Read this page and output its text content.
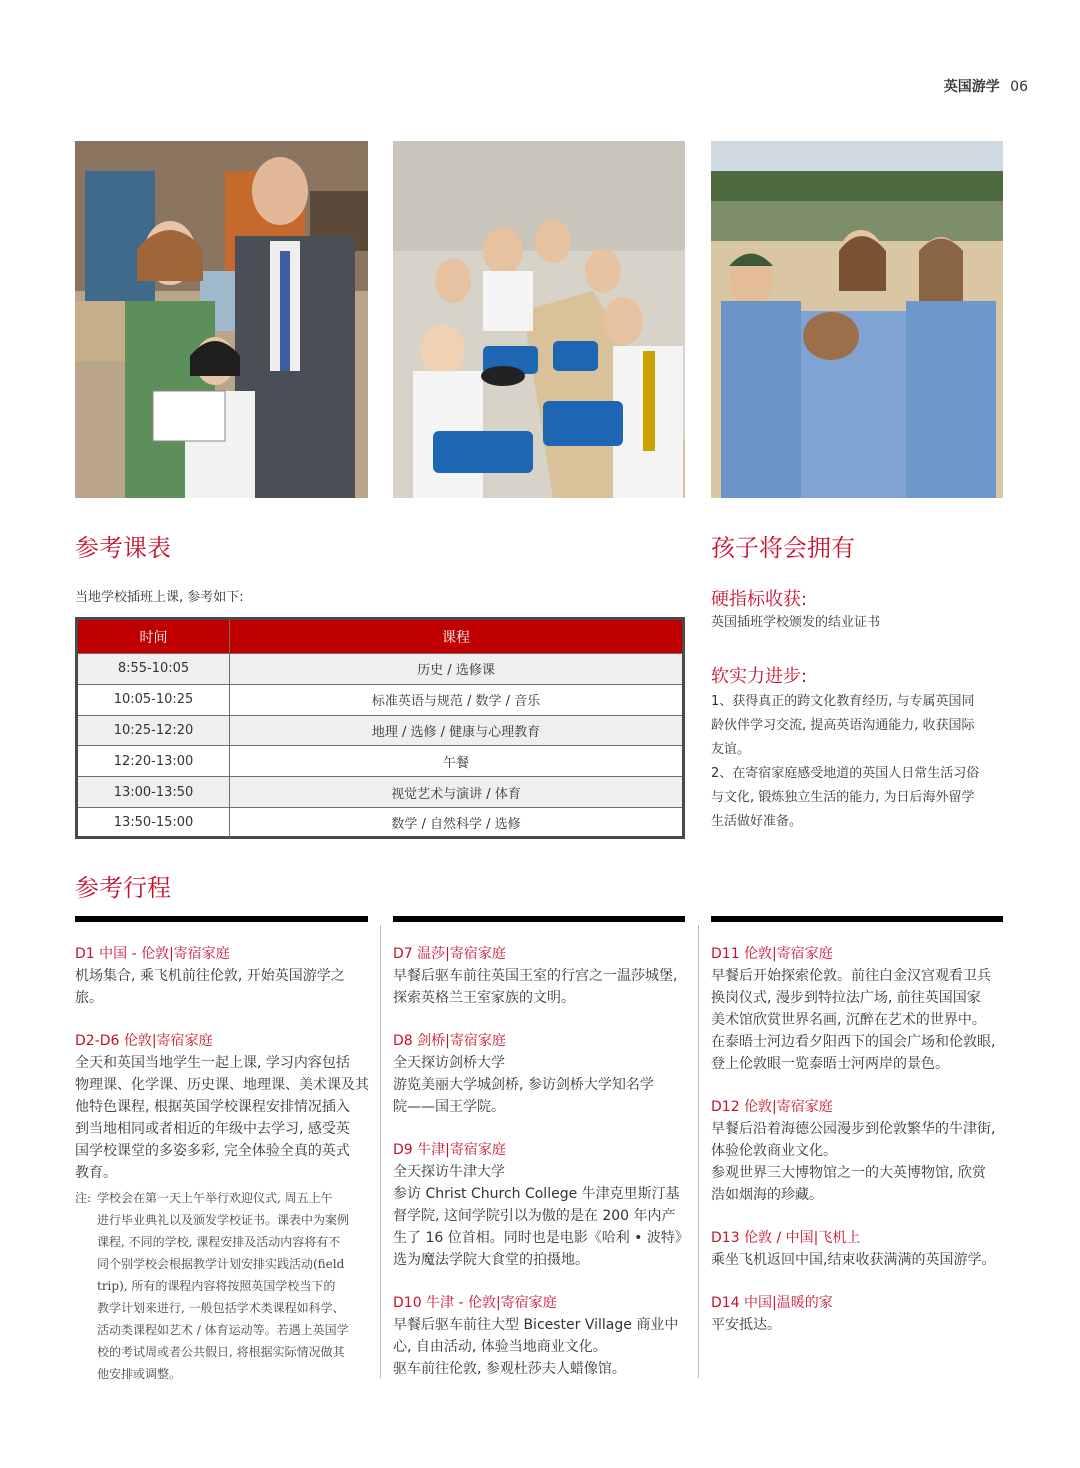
英国游学 06
参考课表
当地学校插班上课, 参考如下:
时间	课程
8:55-10:05	历史 / 选修课
10:05-10:25	标准英语与规范 / 数学 / 音乐
10:25-12:20	地理 / 选修 / 健康与心理教育
12:20-13:00	午餐
13:00-13:50	视觉艺术与演讲 / 体育
13:50-15:00	数学 / 自然科学 / 选修
孩子将会拥有
硬指标收获:
英国插班学校颁发的结业证书
软实力进步:
1、获得真正的跨文化教育经历, 与专属英国同
龄伙伴学习交流, 提高英语沟通能力, 收获国际
友谊。
2、在寄宿家庭感受地道的英国人日常生活习俗
与文化, 锻炼独立生活的能力, 为日后海外留学
生活做好准备。
参考行程
D1 中国 - 伦敦|寄宿家庭
机场集合, 乘飞机前往伦敦, 开始英国游学之
旅。
D2-D6 伦敦|寄宿家庭
全天和英国当地学生一起上课, 学习内容包括
物理课、化学课、历史课、地理课、美术课及其
他特色课程, 根据英国学校课程安排情况插入
到当地相同或者相近的年级中去学习, 感受英
国学校课堂的多姿多彩, 完全体验全真的英式
教育。
注: 学校会在第一天上午举行欢迎仪式, 周五上午
进行毕业典礼以及颁发学校证书。课表中为案例
课程, 不同的学校, 课程安排及活动内容将有不
同个别学校会根据教学计划安排实践活动(field
trip), 所有的课程内容将按照英国学校当下的
教学计划来进行, 一般包括学术类课程如科学、
活动类课程如艺术 / 体育运动等。若遇上英国学
校的考试周或者公共假日, 将根据实际情况做其
他安排或调整。
D7 温莎|寄宿家庭
早餐后驱车前往英国王室的行宫之一温莎城堡,
探索英格兰王室家族的文明。
D8 剑桥|寄宿家庭
全天探访剑桥大学
游览美丽大学城剑桥, 参访剑桥大学知名学
院——国王学院。
D9 牛津|寄宿家庭
全天探访牛津大学
参访 Christ Church College 牛津克里斯汀基
督学院, 这间学院引以为傲的是在 200 年内产
生了 16 位首相。同时也是电影《哈利 • 波特》
选为魔法学院大食堂的拍摄地。
D10 牛津 - 伦敦|寄宿家庭
早餐后驱车前往大型 Bicester Village 商业中
心, 自由活动, 体验当地商业文化。
驱车前往伦敦, 参观杜莎夫人蜡像馆。
D11 伦敦|寄宿家庭
早餐后开始探索伦敦。前往白金汉宫观看卫兵
换岗仪式, 漫步到特拉法广场, 前往英国国家
美术馆欣赏世界名画, 沉醉在艺术的世界中。
在泰晤士河边看夕阳西下的国会广场和伦敦眼,
登上伦敦眼一览泰晤士河两岸的景色。
D12 伦敦|寄宿家庭
早餐后沿着海德公园漫步到伦敦繁华的牛津街,
体验伦敦商业文化。
参观世界三大博物馆之一的大英博物馆, 欣赏
浩如烟海的珍藏。
D13 伦敦 / 中国|飞机上
乘坐飞机返回中国,结束收获满满的英国游学。
D14 中国|温暖的家
平安抵达。
